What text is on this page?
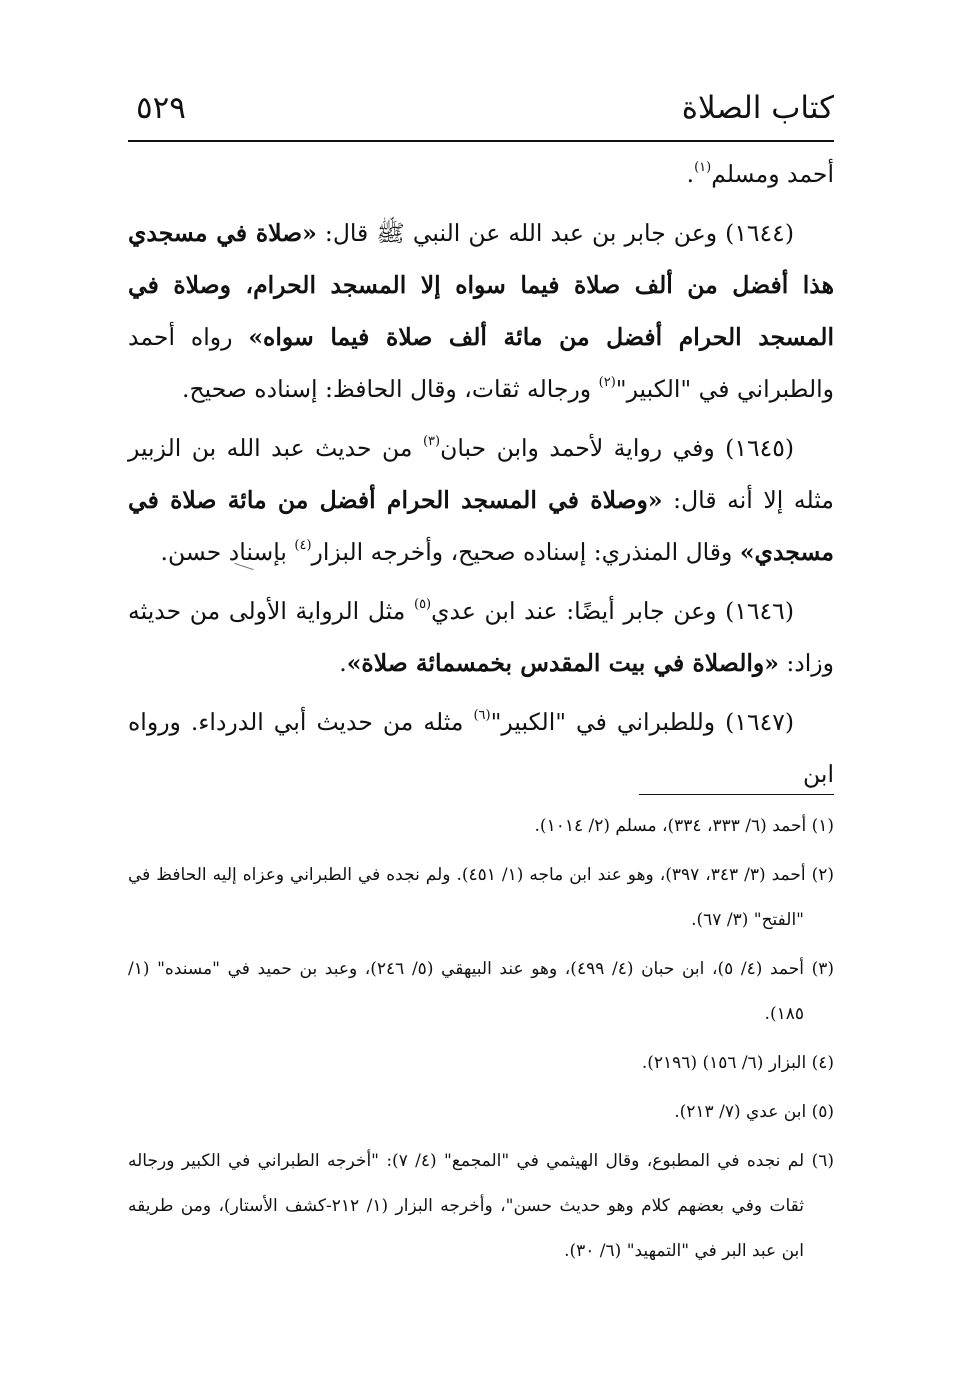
كتاب الصلاة
٥٢٩

أحمد ومسلم$^{(١)}$.

(١٦٤٤) وعن جابر بن عبد الله عن النبي ﷺ قال: «صلاة في مسجدي هذا أفضل من ألف صلاة فيما سواه إلا المسجد الحرام، وصلاة في المسجد الحرام أفضل من مائة ألف صلاة فيما سواه» رواه أحمد والطبراني في "الكبير"$^{(٢)}$ ورجاله ثقات، وقال الحافظ: إسناده صحيح.

(١٦٤٥) وفي رواية لأحمد وابن حبان$^{(٣)}$ من حديث عبد الله بن الزبير مثله إلا أنه قال: «وصلاة في المسجد الحرام أفضل من مائة صلاة في مسجدي» وقال المنذري: إسناده صحيح، وأخرجه البزار$^{(٤)}$ بإسناد حسن.

(١٦٤٦) وعن جابر أيضًا: عند ابن عدي$^{(٥)}$ مثل الرواية الأولى من حديثه وزاد: «والصلاة في بيت المقدس بخمسمائة صلاة».

(١٦٤٧) وللطبراني في "الكبير"$^{(٦)}$ مثله من حديث أبي الدرداء. ورواه ابن

(١) أحمد (٦/ ٣٣٣، ٣٣٤)، مسلم (٢/ ١٠١٤).

(٢) أحمد (٣/ ٣٤٣، ٣٩٧)، وهو عند ابن ماجه (١/ ٤٥١). ولم نجده في الطبراني وعزاه إليه الحافظ في "الفتح" (٣/ ٦٧).

(٣) أحمد (٤/ ٥)، ابن حبان (٤/ ٤٩٩)، وهو عند البيهقي (٥/ ٢٤٦)، وعبد بن حميد في "مسنده" (١/ ١٨٥).

(٤) البزار (٦/ ١٥٦) (٢١٩٦).

(٥) ابن عدي (٧/ ٢١٣).

(٦) لم نجده في المطبوع، وقال الهيثمي في "المجمع" (٤/ ٧): "أخرجه الطبراني في الكبير ورجاله ثقات وفي بعضهم كلام وهو حديث حسن"، وأخرجه البزار (١/ ٢١٢-كشف الأستار)، ومن طريقه ابن عبد البر في "التمهيد" (٦/ ٣٠).
